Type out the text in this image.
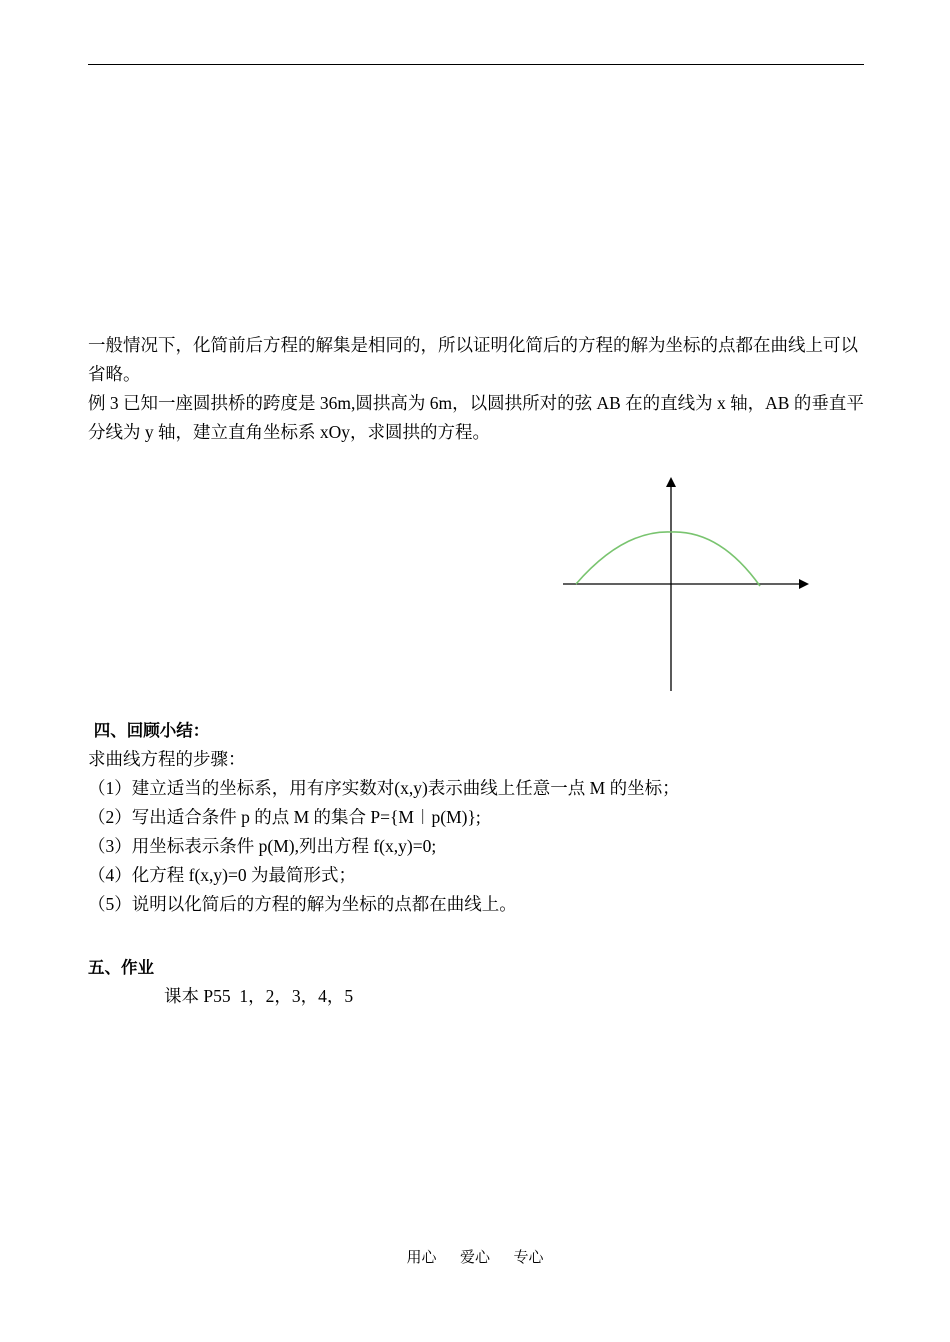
一般情况下，化简前后方程的解集是相同的，所以证明化简后的方程的解为坐标的点都在曲线上可以省略。

例 3 已知一座圆拱桥的跨度是 36m,圆拱高为 6m，以圆拱所对的弦 AB 在的直线为 x 轴，AB 的垂直平分线为 y 轴，建立直角坐标系 xOy，求圆拱的方程。

四、回顾小结：

求曲线方程的步骤：

（1）建立适当的坐标系，用有序实数对(x,y)表示曲线上任意一点 M 的坐标；

（2）写出适合条件 p 的点 M 的集合 P={M︱p(M)};

（3）用坐标表示条件 p(M),列出方程 f(x,y)=0;

（4）化方程 f(x,y)=0 为最简形式；

（5）说明以化简后的方程的解为坐标的点都在曲线上。

五、作业

课本 P55  1，2，3，4，5

用心  爱心  专心
